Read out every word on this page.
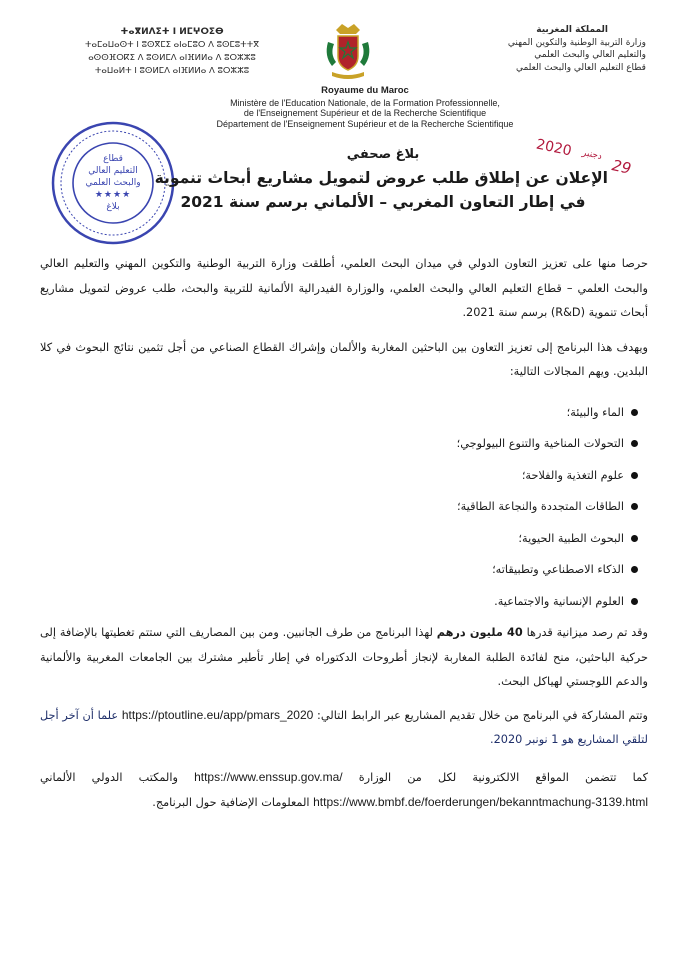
ⵜⴰⴳⵍⴷⵉⵜ ⵏ ⵍⵎⵖⵔⵉⴱ
ⵜⴰⵎⴰⵡⴰⵙⵜ ⵏ ⵓⵙⴳⵎⵉ ⴰⵏⴰⵎⵓⵔ ⴷ ⵓⵙⵎⵓⵜⵜⴳ
ⴰⵙⵙⴼⵔⴽⵉ ⴷ ⵓⵙⵍⵎⴷ ⴰⵏⴼⵍⵍⴰ ⴷ ⵓⵔⵣⵣⵓ
ⵜⴰⵡⴰⵍⵜ ⵏ ⵓⵙⵍⵎⴷ ⴰⵏⴼⵍⵍⴰ ⴷ ⵓⵔⵣⵣⵓ
المملكة المغربية
وزارة التربية الوطنية والتكوين المهني
والتعليم العالي والبحث العلمي
قطاع التعليم العالي والبحث العلمي
Royaume du Maroc
Ministère de l'Education Nationale, de la Formation Professionnelle,
de l'Enseignement Supérieur et de la Recherche Scientifique
Département de l'Enseignement Supérieur et de la Recherche Scientifique
قطاع
التعليم العالي
والبحث العلمي
★★★★
بلاغ
2020 دجنبر
29
بلاغ صحفي
الإعلان عن إطلاق طلب عروض لتمويل مشاريع أبحاث تنموية
في إطار التعاون المغربي – الألماني برسم سنة 2021

حرصا منها على تعزيز التعاون الدولي في ميدان البحث العلمي، أطلقت وزارة التربية الوطنية والتكوين المهني والتعليم العالي والبحث العلمي – قطاع التعليم العالي والبحث العلمي، والوزارة الفيدرالية الألمانية للتربية والبحث، طلب عروض لتمويل مشاريع أبحاث تنموية (R&D) برسم سنة 2021.

ويهدف هذا البرنامج إلى تعزيز التعاون بين الباحثين المغاربة والألمان وإشراك القطاع الصناعي من أجل تثمين نتائج البحوث في كلا البلدين. ويهم المجالات التالية:

الماء والبيئة؛
التحولات المناخية والتنوع البيولوجي؛
علوم التغذية والفلاحة؛
الطاقات المتجددة والنجاعة الطاقية؛
البحوث الطبية الحيوية؛
الذكاء الاصطناعي وتطبيقاته؛
العلوم الإنسانية والاجتماعية.

وقد تم رصد ميزانية قدرها 40 مليون درهم لهذا البرنامج من طرف الجانبين. ومن بين المصاريف التي ستتم تغطيتها بالإضافة إلى حركية الباحثين، منح لفائدة الطلبة المغاربة لإنجاز أطروحات الدكتوراه في إطار تأطير مشترك بين الجامعات المغربية والألمانية والدعم اللوجستي لهياكل البحث.

وتتم المشاركة في البرنامج من خلال تقديم المشاريع عبر الرابط التالي: https://ptoutline.eu/app/pmars_2020 علما أن آخر أجل لتلقي المشاريع هو 1 نونبر 2020.

كما تتضمن المواقع الالكترونية لكل من الوزارة https://www.enssup.gov.ma/ والمكتب الدولي الألماني https://www.bmbf.de/foerderungen/bekanntmachung-3139.html المعلومات الإضافية حول البرنامج.
